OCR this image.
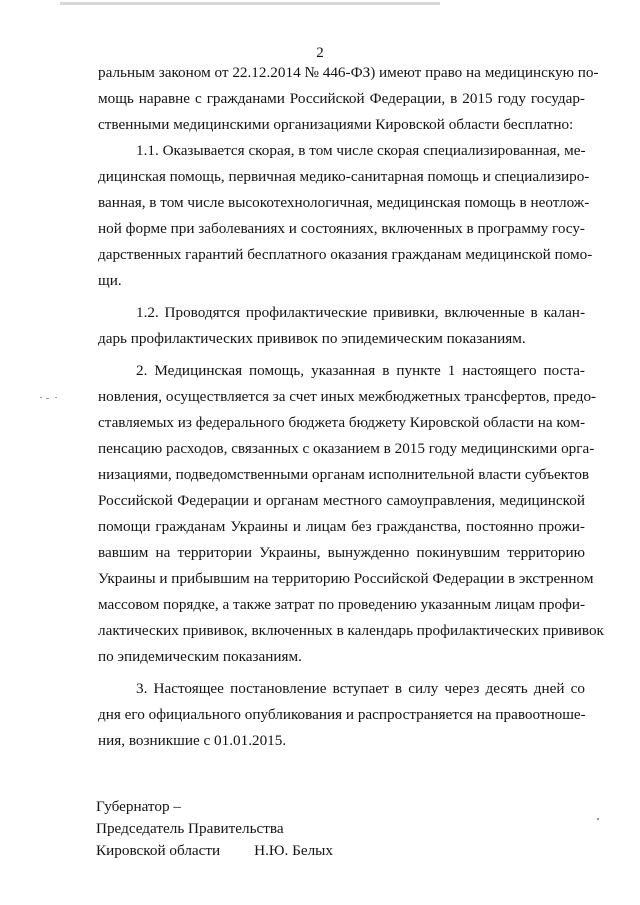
2
ральным законом от 22.12.2014 № 446-ФЗ) имеют право на медицинскую по-
мощь наравне с гражданами Российской Федерации, в 2015 году государ-
ственными медицинскими организациями Кировской области бесплатно:
1.1. Оказывается скорая, в том числе скорая специализированная, ме-
дицинская помощь, первичная медико-санитарная помощь и специализиро-
ванная, в том числе высокотехнологичная, медицинская помощь в неотлож-
ной форме при заболеваниях и состояниях, включенных в программу госу-
дарственных гарантий бесплатного оказания гражданам медицинской помо-
щи.
1.2. Проводятся профилактические прививки, включенные в калан-
дарь профилактических прививок по эпидемическим показаниям.
2. Медицинская помощь, указанная в пункте 1 настоящего поста-
новления, осуществляется за счет иных межбюджетных трансфертов, предо-
ставляемых из федерального бюджета бюджету Кировской области на ком-
пенсацию расходов, связанных с оказанием в 2015 году медицинскими орга-
низациями, подведомственными органам исполнительной власти субъектов
Российской Федерации и органам местного самоуправления, медицинской
помощи гражданам Украины и лицам без гражданства, постоянно прожи-
вавшим на территории Украины, вынужденно покинувшим территорию
Украины и прибывшим на территорию Российской Федерации в экстренном
массовом порядке, а также затрат по проведению указанным лицам профи-
лактических прививок, включенных в календарь профилактических прививок
по эпидемическим показаниям.
3. Настоящее постановление вступает в силу через десять дней со
дня его официального опубликования и распространяется на правоотноше-
ния, возникшие с 01.01.2015.
Губернатор –
Председатель Правительства
Кировской области Н.Ю. Белых
